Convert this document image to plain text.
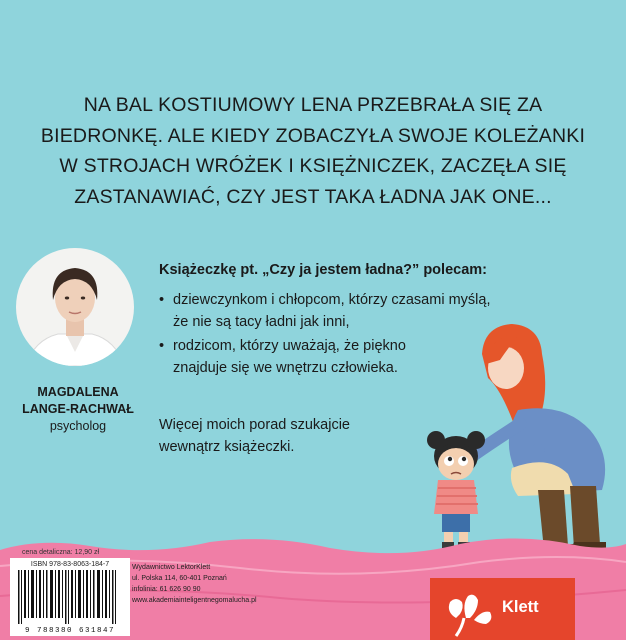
NA BAL KOSTIUMOWY LENA PRZEBRAŁA SIĘ ZA
BIEDRONKĘ. ALE KIEDY ZOBACZYŁA SWOJE KOLEŻANKI
W STROJACH WRÓŻEK I KSIĘŻNICZEK, ZACZĘŁA SIĘ
ZASTANAWIAĆ, CZY JEST TAKA ŁADNA JAK ONE...
MAGDALENA
LANGE-RACHWAŁ
psycholog
Książeczkę pt. „Czy ja jestem ładna?” polecam:
• dziewczynkom i chłopcom, którzy czasami myślą,
że nie są tacy ładni jak inni,
• rodzicom, którzy uważają, że piękno
znajduje się we wnętrzu człowieka.
Więcej moich porad szukajcie
wewnątrz książeczki.
cena detaliczna: 12,90 zł
ISBN 978-83-8063-184-7
9 788380 631847
Wydawnictwo LektorKlett
ul. Polska 114, 60-401 Poznań
infolinia: 61 626 90 90
www.akademiainteligentnegomalucha.pl	Klett
